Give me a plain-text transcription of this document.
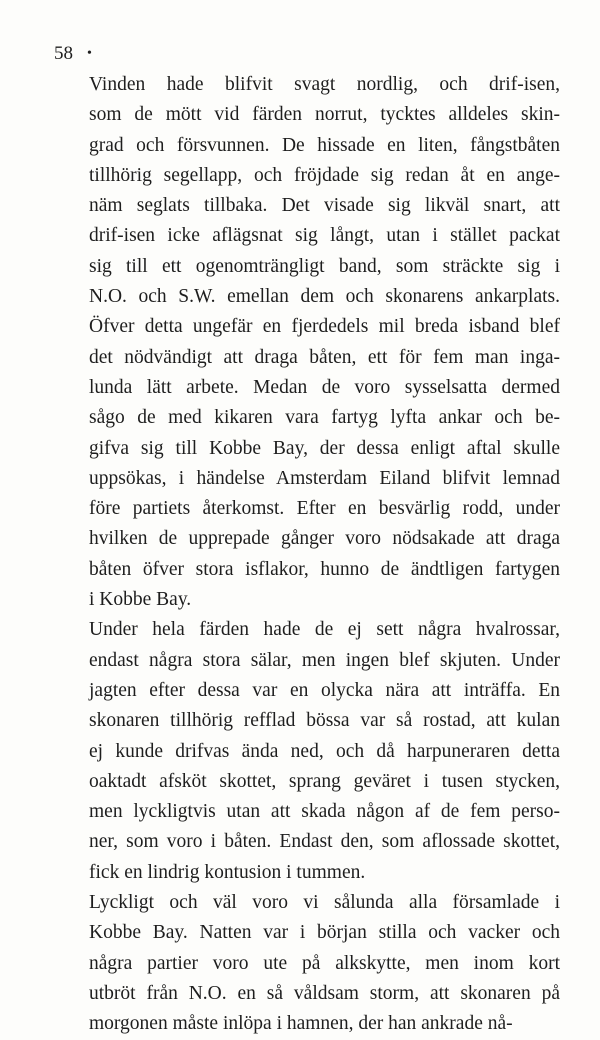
58 •

Vinden hade blifvit svagt nordlig, och drif-isen,
som de mött vid färden norrut, tycktes alldeles skin-
grad och försvunnen. De hissade en liten, fångstbåten
tillhörig segellapp, och fröjdade sig redan åt en ange-
näm seglats tillbaka. Det visade sig likväl snart, att
drif-isen icke aflägsnat sig långt, utan i stället packat
sig till ett ogenomträngligt band, som sträckte sig i
N.O. och S.W. emellan dem och skonarens ankarplats.
Öfver detta ungefär en fjerdedels mil breda isband blef
det nödvändigt att draga båten, ett för fem man inga-
lunda lätt arbete. Medan de voro sysselsatta dermed
sågo de med kikaren vara fartyg lyfta ankar och be-
gifva sig till Kobbe Bay, der dessa enligt aftal skulle
uppsökas, i händelse Amsterdam Eiland blifvit lemnad
före partiets återkomst. Efter en besvärlig rodd, under
hvilken de upprepade gånger voro nödsakade att draga
båten öfver stora isflakor, hunno de ändtligen fartygen
i Kobbe Bay.

Under hela färden hade de ej sett några hvalrossar,
endast några stora sälar, men ingen blef skjuten. Under
jagten efter dessa var en olycka nära att inträffa. En
skonaren tillhörig refflad bössa var så rostad, att kulan
ej kunde drifvas ända ned, och då harpuneraren detta
oaktadt afsköt skottet, sprang geväret i tusen stycken,
men lyckligtvis utan att skada någon af de fem perso-
ner, som voro i båten. Endast den, som aflossade skottet,
fick en lindrig kontusion i tummen.

Lyckligt och väl voro vi sålunda alla församlade i
Kobbe Bay. Natten var i början stilla och vacker och
några partier voro ute på alkskytte, men inom kort
utbröt från N.O. en så våldsam storm, att skonaren på
morgonen måste inlöpa i hamnen, der han ankrade nå-
